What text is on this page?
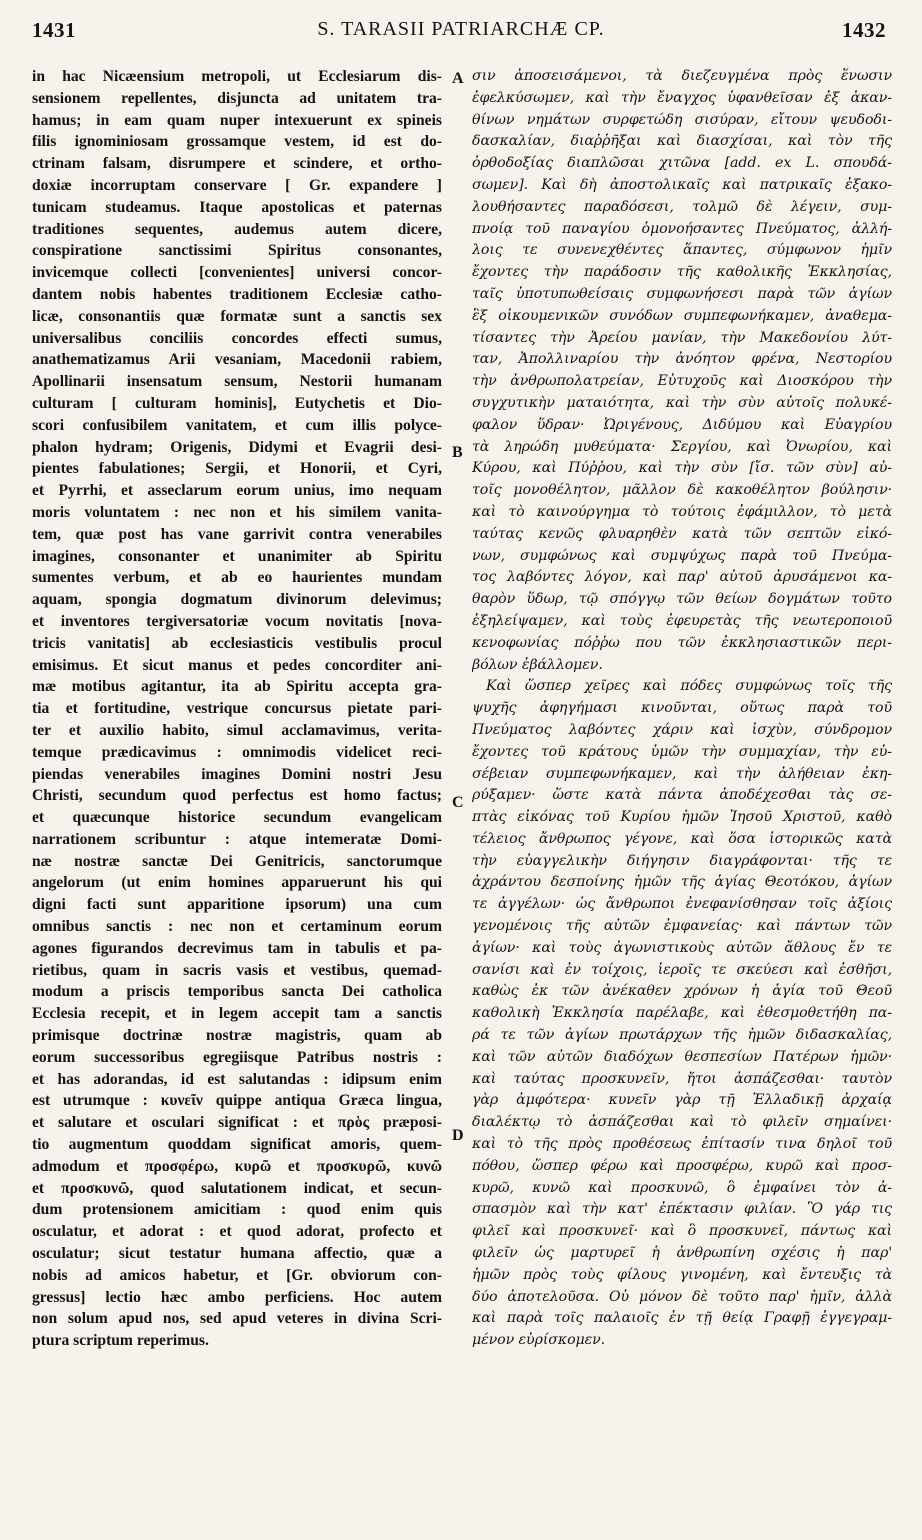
1431	S. TARASII PATRIARCHÆ CP.	1432
in hac Nicæensium metropoli, ut Ecclesiarum dis-
sensionem repellentes, disjuncta ad unitatem tra-
hamus; in eam quam nuper intexuerunt ex spineis
filis ignominiosam grossamque vestem, id est do-
ctrinam falsam, disrumpere et scindere, et ortho-
doxiæ incorruptam conservare [ Gr. expandere ]
tunicam studeamus. Itaque apostolicas et paternas
traditiones sequentes, audemus autem dicere,
conspiratione sanctissimi Spiritus consonantes,
invicemque collecti [convenientes] universi concor-
dantem nobis habentes traditionem Ecclesiæ catho-
licæ, consonantiis quæ formatæ sunt a sanctis sex
universalibus conciliis concordes effecti sumus,
anathematizamus Arii vesaniam, Macedonii rabiem,
Apollinarii insensatum sensum, Nestorii humanam
culturam [ culturam hominis], Eutychetis et Dio-
scori confusibilem vanitatem, et cum illis polyce-
phalon hydram; Origenis, Didymi et Evagrii desi-
pientes fabulationes; Sergii, et Honorii, et Cyri,
et Pyrrhi, et asseclarum eorum unius, imo nequam
moris voluntatem : nec non et his similem vanita-
tem, quæ post has vane garrivit contra venerabiles
imagines, consonanter et unanimiter ab Spiritu
sumentes verbum, et ab eo haurientes mundam
aquam, spongia dogmatum divinorum delevimus;
et inventores tergiversatoriæ vocum novitatis [nova-
tricis vanitatis] ab ecclesiasticis vestibulis procul
emisimus. Et sicut manus et pedes concorditer ani-
mæ motibus agitantur, ita ab Spiritu accepta gra-
tia et fortitudine, vestrique concursus pietate pari-
ter et auxilio habito, simul acclamavimus, verita-
temque prædicavimus : omnimodis videlicet reci-
piendas venerabiles imagines Domini nostri Jesu
Christi, secundum quod perfectus est homo factus;
et quæcunque historice secundum evangelicam
narrationem scribuntur : atque intemeratæ Domi-
næ nostræ sanctæ Dei Genitricis, sanctorumque
angelorum (ut enim homines apparuerunt his qui
digni facti sunt apparitione ipsorum) una cum
omnibus sanctis : nec non et certaminum eorum
agones figurandos decrevimus tam in tabulis et pa-
rietibus, quam in sacris vasis et vestibus, quemad-
modum a priscis temporibus sancta Dei catholica
Ecclesia recepit, et in legem accepit tam a sanctis
primisque doctrinæ nostræ magistris, quam ab
eorum successoribus egregiisque Patribus nostris :
et has adorandas, id est salutandas : idipsum enim
est utrumque : κυνεῖν quippe antiqua Græca lingua,
et salutare et osculari significat : et πρὸς præposi-
tio augmentum quoddam significat amoris, quem-
admodum et προσφέρω, κυρῶ et προσκυρῶ, κυνῶ
et προσκυνῶ, quod salutationem indicat, et secun-
dum protensionem amicitiam : quod enim quis
osculatur, et adorat : et quod adorat, profecto et
osculatur; sicut testatur humana affectio, quæ a
nobis ad amicos habetur, et [Gr. obviorum con-
gressus] lectio hæc ambo perficiens. Hoc autem
non solum apud nos, sed apud veteres in divina Scri-
ptura scriptum reperimus.
σιν ἀποσεισάμενοι, τὰ διεζευγμένα πρὸς ἕνωσιν
ἐφελκύσωμεν, καὶ τὴν ἔναγχος ὑφανθεῖσαν ἐξ ἀκαν-
θίνων νημάτων συρφετώδη σισύραν, εἴτουν ψευδοδι-
δασκαλίαν, διαῤῥῆξαι καὶ διασχίσαι, καὶ τὸν τῆς
ὀρθοδοξίας διαπλῶσαι χιτῶνα [add. ex L. σπουδά-
σωμεν]. Καὶ δὴ ἀποστολικαῖς καὶ πατρικαῖς ἐξακο-
λουθήσαντες παραδόσεσι, τολμῶ δὲ λέγειν, συμ-
πνοίᾳ τοῦ παναγίου ὁμονοήσαντες Πνεύματος, ἀλλή-
λοις τε συνενεχθέντες ἅπαντες, σύμφωνον ἡμῖν
ἔχοντες τὴν παράδοσιν τῆς καθολικῆς Ἐκκλησίας,
ταῖς ὑποτυπωθείσαις συμφωνήσεσι παρὰ τῶν ἁγίων
ἓξ οἰκουμενικῶν συνόδων συμπεφωνήκαμεν, ἀναθεμα-
τίσαντες τὴν Ἀρείου μανίαν, τὴν Μακεδονίου λύτ-
ταν, Ἀπολλιναρίου τὴν ἀνόητον φρένα, Νεστορίου
τὴν ἀνθρωπολατρείαν, Εὐτυχοῦς καὶ Διοσκόρου τὴν
συγχυτικὴν ματαιότητα, καὶ τὴν σὺν αὐτοῖς πολυκέ-
φαλον ὕδραν· Ὠριγένους, Διδύμου καὶ Εὐαγρίου
τὰ ληρώδη μυθεύματα· Σεργίου, καὶ Ὀνωρίου, καὶ
Κύρου, καὶ Πύῤῥου, καὶ τὴν σὺν [ἴσ. τῶν σὺν] αὐ-
τοῖς μονοθέλητον, μᾶλλον δὲ κακοθέλητον βούλησιν·
καὶ τὸ καινούργημα τὸ τούτοις ἐφάμιλλον, τὸ μετὰ
ταύτας κενῶς φλυαρηθὲν κατὰ τῶν σεπτῶν εἰκό-
νων, συμφώνως καὶ συμψύχως παρὰ τοῦ Πνεύμα-
τος λαβόντες λόγον, καὶ παρ' αὐτοῦ ἀρυσάμενοι κα-
θαρὸν ὕδωρ, τῷ σπόγγῳ τῶν θείων δογμάτων τοῦτο
ἐξηλείψαμεν, καὶ τοὺς ἐφευρετὰς τῆς νεωτεροποιοῦ
κενοφωνίας πόῤῥω που τῶν ἐκκλησιαστικῶν περι-
βόλων ἐβάλλομεν.
Καὶ ὥσπερ χεῖρες καὶ πόδες συμφώνως τοῖς τῆς
ψυχῆς ἀφηγήμασι κινοῦνται, οὕτως παρὰ τοῦ
Πνεύματος λαβόντες χάριν καὶ ἰσχὺν, σύνδρομον
ἔχοντες τοῦ κράτους ὑμῶν τὴν συμμαχίαν, τὴν εὐ-
σέβειαν συμπεφωνήκαμεν, καὶ τὴν ἀλήθειαν ἐκη-
ρύξαμεν· ὥστε κατὰ πάντα ἀποδέχεσθαι τὰς σε-
πτὰς εἰκόνας τοῦ Κυρίου ἡμῶν Ἰησοῦ Χριστοῦ, καθὸ
τέλειος ἄνθρωπος γέγονε, καὶ ὅσα ἱστορικῶς κατὰ
τὴν εὐαγγελικὴν διήγησιν διαγράφονται· τῆς τε
ἀχράντου δεσποίνης ἡμῶν τῆς ἁγίας Θεοτόκου, ἁγίων
τε ἀγγέλων· ὡς ἄνθρωποι ἐνεφανίσθησαν τοῖς ἀξίοις
γενομένοις τῆς αὐτῶν ἐμφανείας· καὶ πάντων τῶν
ἁγίων· καὶ τοὺς ἀγωνιστικοὺς αὐτῶν ἄθλους ἔν τε
σανίσι καὶ ἐν τοίχοις, ἱεροῖς τε σκεύεσι καὶ ἐσθῆσι,
καθὼς ἐκ τῶν ἀνέκαθεν χρόνων ἡ ἁγία τοῦ Θεοῦ
καθολικὴ Ἐκκλησία παρέλαβε, καὶ ἐθεσμοθετήθη πα-
ρά τε τῶν ἁγίων πρωτάρχων τῆς ἡμῶν διδασκαλίας,
καὶ τῶν αὐτῶν διαδόχων θεσπεσίων Πατέρων ἡμῶν·
καὶ ταύτας προσκυνεῖν, ἤτοι ἀσπάζεσθαι· ταυτὸν
γὰρ ἀμφότερα· κυνεῖν γὰρ τῇ Ἑλλαδικῇ ἀρχαίᾳ
διαλέκτῳ τὸ ἀσπάζεσθαι καὶ τὸ φιλεῖν σημαίνει·
καὶ τὸ τῆς πρὸς προθέσεως ἐπίτασίν τινα δηλοῖ τοῦ
πόθου, ὥσπερ φέρω καὶ προσφέρω, κυρῶ καὶ προσ-
κυρῶ, κυνῶ καὶ προσκυνῶ, ὃ ἐμφαίνει τὸν ἀ-
σπασμὸν καὶ τὴν κατ' ἐπέκτασιν φιλίαν. Ὃ γάρ τις
φιλεῖ καὶ προσκυνεῖ· καὶ ὃ προσκυνεῖ, πάντως καὶ
φιλεῖν ὡς μαρτυρεῖ ἡ ἀνθρωπίνη σχέσις ἡ παρ'
ἡμῶν πρὸς τοὺς φίλους γινομένη, καὶ ἔντευξις τὰ
δύο ἀποτελοῦσα. Οὐ μόνον δὲ τοῦτο παρ' ἡμῖν, ἀλλὰ
καὶ παρὰ τοῖς παλαιοῖς ἐν τῇ θείᾳ Γραφῇ ἐγγεγραμ-
μένον εὑρίσκομεν.
A
B
C
D
